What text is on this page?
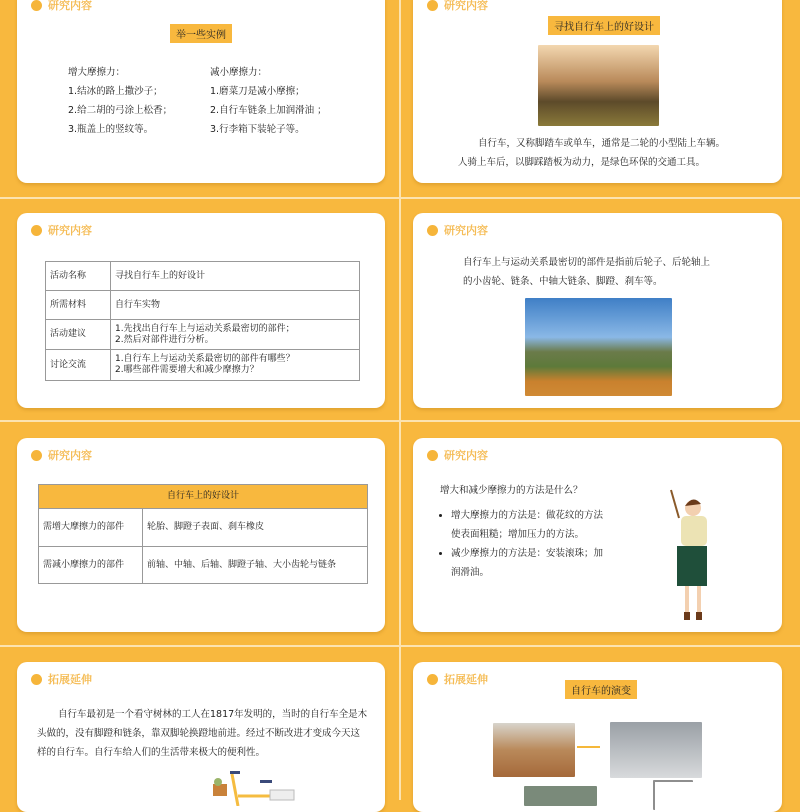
研究内容
举一些实例
增大摩擦力：
1.结冰的路上撒沙子；
2.给二胡的弓涂上松香；
3.瓶盖上的竖纹等。
减小摩擦力：
1.磨菜刀是减小摩擦；
2.自行车链条上加润滑油 ；
3.行李箱下装轮子等。
研究内容
寻找自行车上的好设计
自行车，又称脚踏车或单车，通常是二轮的小型陆上车辆。
人骑上车后，以脚踩踏板为动力，是绿色环保的交通工具。
研究内容
活动名称	寻找自行车上的好设计
所需材料	自行车实物
活动建议	1.先找出自行车上与运动关系最密切的部件；
2.然后对部件进行分析。
讨论交流	1.自行车上与运动关系最密切的部件有哪些？
2.哪些部件需要增大和减少摩擦力？
研究内容
自行车上与运动关系最密切的部件是指前后轮子、后轮轴上
的小齿轮、链条、中轴大链条、脚蹬、刹车等。
研究内容
自行车上的好设计	
需增大摩擦力的部件	轮胎、脚蹬子表面、刹车橡皮
需减小摩擦力的部件	前轴、中轴、后轴、脚蹬子轴、大小齿轮与链条
研究内容
增大和减少摩擦力的方法是什么？
• 增大摩擦力的方法是：做花纹的方法使表面粗糙；增加压力的方法。
• 减少摩擦力的方法是：安装滚珠；加润滑油。
拓展延伸
自行车最初是一个看守树林的工人在1817年发明的，当时的自行车全是木头做的，没有脚蹬和链条，靠双脚轮换蹬地前进。经过不断改进才变成今天这样的自行车。自行车给人们的生活带来极大的便利性。
拓展延伸
自行车的演变
